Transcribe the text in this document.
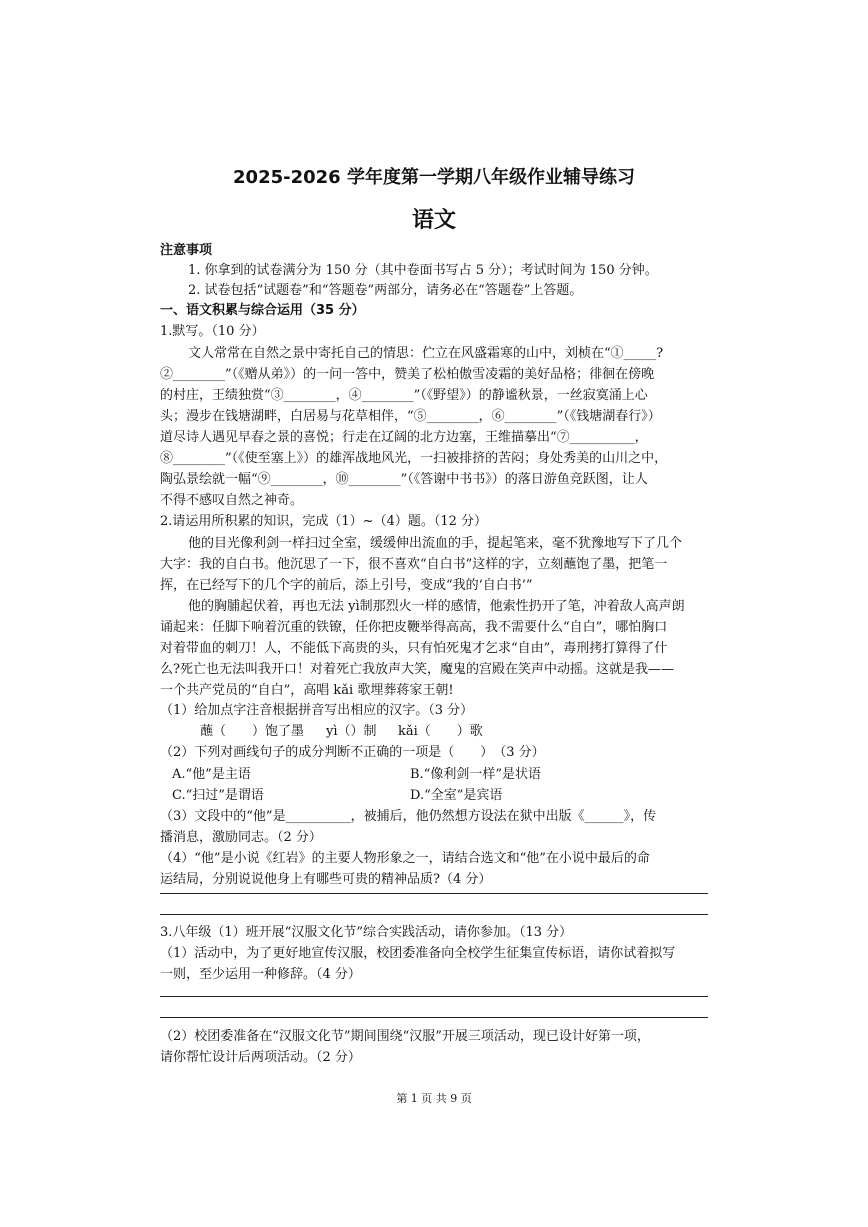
2025-2026 学年度第一学期八年级作业辅导练习
语文
注意事项
1. 你拿到的试卷满分为 150 分（其中卷面书写占 5 分）；考试时间为 150 分钟。
2. 试卷包括“试题卷”和“答题卷”两部分，请务必在“答题卷”上答题。
一、语文积累与综合运用（35 分）
1.默写。（10 分）
文人常常在自然之景中寄托自己的情思：伫立在风盛霜寒的山中，刘桢在“①_____?
②________”（《赠从弟》）的一问一答中，赞美了松柏傲雪凌霜的美好品格；徘徊在傍晚
的村庄，王绩独赏“③________，④________”（《野望》）的静谧秋景，一丝寂寞涌上心
头；漫步在钱塘湖畔，白居易与花草相伴，“⑤________，⑥________”（《钱塘湖春行》）
道尽诗人遇见早春之景的喜悦；行走在辽阔的北方边塞，王维描摹出“⑦__________，
⑧________”（《使至塞上》）的雄浑战地风光，一扫被排挤的苦闷；身处秀美的山川之中，
陶弘景绘就一幅“⑨________，⑩________”（《答谢中书书》）的落日游鱼竞跃图，让人
不得不感叹自然之神奇。
2.请运用所积累的知识，完成（1）~（4）题。（12 分）
他的目光像利剑一样扫过全室，缓缓伸出流血的手，提起笔来，毫不犹豫地写下了几个
大字：我的自白书。他沉思了一下，很不喜欢“自白书”这样的字，立刻蘸饱了墨，把笔一
挥，在已经写下的几个字的前后，添上引号，变成“我的‘自白书’”
他的胸脯起伏着，再也无法 yì制那烈火一样的感情，他索性扔开了笔，冲着敌人高声朗
诵起来：任脚下响着沉重的铁镣，任你把皮鞭举得高高，我不需要什么“自白”，哪怕胸口
对着带血的刺刀！人，不能低下高贵的头，只有怕死鬼才乞求“自由”，毒刑拷打算得了什
么?死亡也无法叫我开口！对着死亡我放声大笑，魔鬼的宫殿在笑声中动摇。这就是我——
一个共产党员的“自白”，高唱 kǎi 歌埋葬蒋家王朝!
（1）给加点字注音根据拼音写出相应的汉字。（3 分）
蘸（　　）饱了墨 yì（）制 kǎi（　　）歌
（2）下列对画线句子的成分判断不正确的一项是（　　）　（3 分）
A.“他”是主语	B.“像利剑一样”是状语
C.“扫过”是谓语	D.“全室”是宾语
（3）文段中的“他”是__________，被捕后，他仍然想方设法在狱中出版《______》，传
播消息，激励同志。（2 分）
（4）“他”是小说《红岩》的主要人物形象之一，请结合选文和“他”在小说中最后的命
运结局，分别说说他身上有哪些可贵的精神品质?（4 分）
3.八年级（1）班开展“汉服文化节”综合实践活动，请你参加。（13 分）
（1）活动中，为了更好地宣传汉服，校团委准备向全校学生征集宣传标语，请你试着拟写
一则，至少运用一种修辞。（4 分）
（2）校团委准备在“汉服文化节”期间围绕“汉服”开展三项活动，现已设计好第一项，
请你帮忙设计后两项活动。（2 分）
第 1 页 共 9 页
